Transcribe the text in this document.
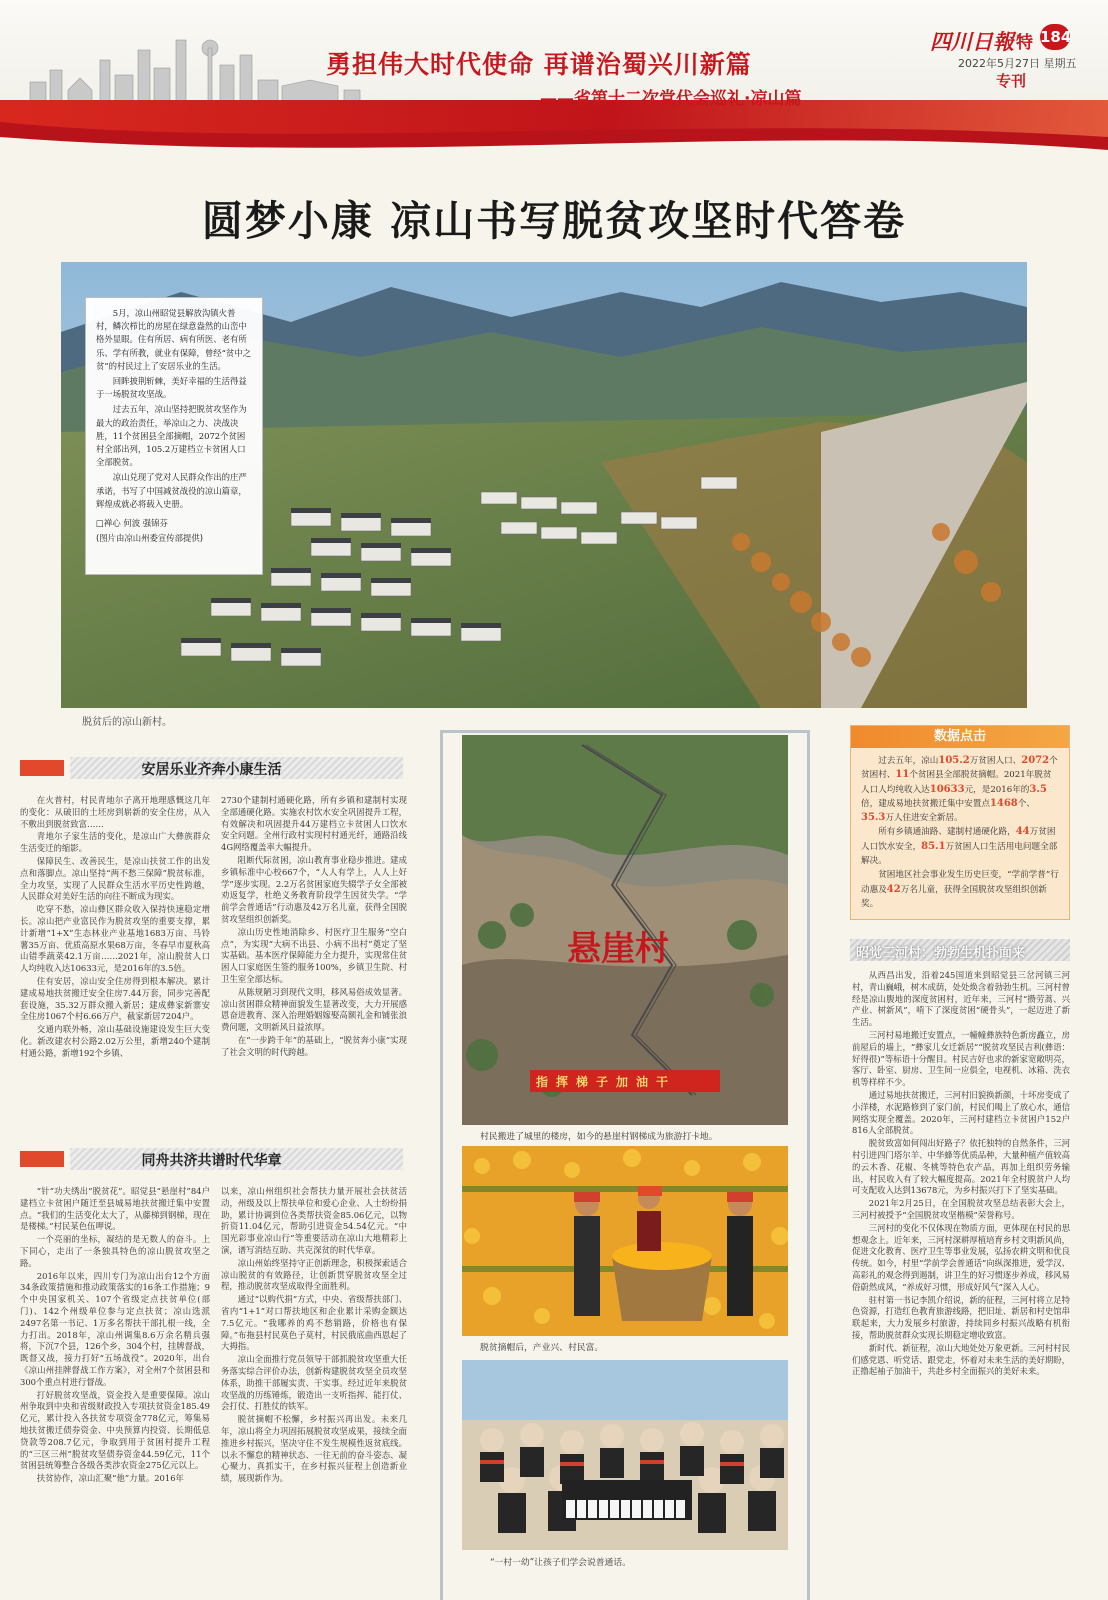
勇担伟大时代使命 再谱治蜀兴川新篇
——省第十二次党代会巡礼·凉山篇
四川日報 特 184
2022年5月27日 星期五
专刊
圆梦小康 凉山书写脱贫攻坚时代答卷
脱贫后的凉山新村。

5月，凉山州昭觉县解放沟镇火普村，鳞次栉比的房屋在绿意盎然的山峦中格外显眼。住有所居、病有所医、老有所乐、学有所教，就业有保障，曾经“贫中之贫”的村民过上了安居乐业的生活。

回眸披荆斩棘，美好幸福的生活得益于一场脱贫攻坚战。

过去五年，凉山坚持把脱贫攻坚作为最大的政治责任，举凉山之力、决战决胜，11个贫困县全部摘帽，2072个贫困村全部出列，105.2万建档立卡贫困人口全部脱贫。

凉山兑现了党对人民群众作出的庄严承诺，书写了中国减贫战役的凉山篇章，辉煌成就必将载入史册。

□禅心 何波 强锦芬

(图片由凉山州委宣传部提供)

安居乐业齐奔小康生活

在火普村，村民青地尔子离开地理感慨这几年的变化：从破旧的土坯房到崭新的安全住房，从入不敷出到脱贫致富……

青地尔子家生活的变化，是凉山广大彝族群众生活变迁的缩影。

保障民生、改善民生，是凉山扶贫工作的出发点和落脚点。凉山坚持“两不愁三保障”脱贫标准，全力攻坚，实现了人民群众生活水平历史性跨越，人民群众对美好生活的向往不断成为现实。

吃穿不愁，凉山彝区群众收入保持快速稳定增长。凉山把产业富民作为脱贫攻坚的重要支撑，累计新增“1+X”生态林业产业基地1683万亩、马铃薯35万亩、优质高原水果68万亩，冬春早市夏秋高山错季蔬菜42.1万亩……2021年，凉山脱贫人口人均纯收入达10633元，是2016年的3.5倍。

住有安居，凉山安全住房得到根本解决。累计建成易地扶贫搬迁安全住房7.44万套，同步完善配套设施，35.32万群众搬入新居；建成彝家新寨安全住房1067个村6.66万户，截家新居7204户。

交通内联外畅，凉山基础设施建设发生巨大变化。新改建农村公路2.02万公里，新增240个建制村通公路，新增192个乡镇、

2730个建制村通硬化路，所有乡镇和建制村实现全部通硬化路。实施农村饮水安全巩固提升工程，有效解决和巩固提升44万建档立卡贫困人口饮水安全问题。全州行政村实现村村通光纤，通路沿线4G网络覆盖率大幅提升。

阻断代际贫困，凉山教育事业稳步推进。建成乡镇标准中心校667个，“人人有学上，人人上好学”逐步实现。2.2万名贫困家庭失辍学子女全部被劝返复学，杜绝义务教育阶段学生因贫失学。“学前学会普通话”行动惠及42万名儿童，获得全国脱贫攻坚组织创新奖。

凉山历史性地消除乡、村医疗卫生服务“空白点”，为实现“大病不出县、小病不出村”奠定了坚实基础。基本医疗保障能力全力提升，实现常住贫困人口家庭医生签约服务100%，乡镇卫生院、村卫生室全部达标。

从陈规陋习到现代文明，移风易俗成效显著。凉山贫困群众精神面貌发生显著改变，大力开展感恩奋进教育、深入治理婚姻嫁娶高额礼金和铺张浪费问题，文明新风日益浓厚。

在“一步跨千年”的基础上，“脱贫奔小康”实现了社会文明的时代跨越。

同舟共济共谱时代华章

“针”功夫绣出“脱贫花”。昭觉县“悬崖村”84户建档立卡贫困户随迁至县城易地扶贫搬迁集中安置点。“我们的生活变化太大了，从藤梯到钢梯，现在是楼梯。”村民某色伍呷说。

一个亮丽的坐标，凝结的是无数人的奋斗。上下同心，走出了一条独具特色的凉山脱贫攻坚之路。

2016年以来，四川专门为凉山出台12个方面34条政策措施和推动政策落实的16条工作措施；9个中央国家机关、107个省级定点扶贫单位(部门)、142个州级单位参与定点扶贫；凉山选派2497名第一书记、1万多名帮扶干部扎根一线，全力打出。2018年，凉山州调集8.6万余名精兵强将，下沉7个县，126个乡，304个村，挂牌督战，既督又战，接力打好“五场战役”。2020年，出台《凉山州挂牌督战工作方案》，对全州7个贫困县和300个重点村进行督战。

打好脱贫攻坚战，资金投入是重要保障。凉山州争取到中央和省级财政投入专项扶贫资金185.49亿元，累计投入各扶贫专项资金778亿元，筹集易地扶贫搬迁债券资金、中央预算内投资、长期低息贷款等208.7亿元，争取到用于贫困村提升工程的“三区三州”脱贫攻坚债券资金44.59亿元，11个贫困县统筹整合各级各类涉农资金275亿元以上。

扶贫协作，凉山汇聚“他”力量。2016年

以来，凉山州组织社会帮扶力量开展社会扶贫活动，州级及以上帮扶单位和爱心企业、人士纷纷捐助，累计协调到位各类帮扶资金85.06亿元，以物折资11.04亿元，帮助引进资金54.54亿元。“中国光彩事业凉山行”等重要活动在凉山大地精彩上演，谱写消结互助、共克深贫的时代华章。

凉山州始终坚持守正创新理念，积极探索适合凉山脱贫的有效路径，让创新贯穿脱贫攻坚全过程，推动脱贫攻坚成取得全面胜利。

通过“以购代捐”方式，中央、省级帮扶部门、省内“1+1”对口帮扶地区和企业累计采购金额达7.5亿元。“我哪养的鸡不愁销路，价格也有保障。”布拖县村民莫色子莫村，村民俄底曲西恩起了大拇指。

凉山全面推行党员领导干部抓脱贫攻坚重大任务落实综合评价办法，创新构建脱贫攻坚全员攻坚体系，助推干部履实责、干实事。经过近年来脱贫攻坚战的历练锤炼，锻造出一支听指挥、能打仗、会打仗、打胜仗的铁军。

脱贫摘帽不松懈，乡村振兴再出发。未来几年，凉山将全力巩固拓展脱贫攻坚成果，接续全面推进乡村振兴，坚决守住不发生规模性返贫底线。以永不懈怠的精神状态、一往无前的奋斗姿态、凝心聚力、真抓实干，在乡村振兴征程上创造新业绩，展现新作为。

悬崖村
指挥梯子加油干
村民搬进了城里的楼房，如今的悬崖村钢梯成为旅游打卡地。
脱贫摘帽后，产业兴、村民富。
“一村一幼”让孩子们学会说普通话。
数据点击

过去五年，凉山105.2万贫困人口、2072个贫困村、11个贫困县全部脱贫摘帽。2021年脱贫人口人均纯收入达10633元，是2016年的3.5倍，建成易地扶贫搬迁集中安置点1468个、35.3万人住进安全新居。

所有乡镇通油路、建制村通硬化路，44万贫困人口饮水安全，85.1万贫困人口生活用电问题全部解决。

贫困地区社会事业发生历史巨变，“学前学普”行动惠及42万名儿童，获得全国脱贫攻坚组织创新奖。

昭觉三河村：勃勃生机扑面来

从西昌出发，沿着245国道来到昭觉县三岔河镇三河村，青山巍峨，树木成荫，处处焕含着勃勃生机。三河村曾经是凉山腹地的深度贫困村，近年来，三河村“攒劳蒿、兴产业、树新风”，啃下了深度贫困“硬骨头”，一起迈进了新生活。

三河村易地搬迁安置点，一幢幢彝族特色新房矗立，房前屋后的墙上，“彝家儿女迁新居”“脱贫攻坚民吉利(彝语：好得很)”等标语十分醒目。村民吉好也求的新家宽敞明亮，客厅、卧室、厨房、卫生间一应俱全，电视机、冰箱、洗衣机等样样不少。

通过易地扶贫搬迁，三河村旧貌换新颜，十坏房变成了小洋楼，水泥路修到了家门前，村民们喝上了放心水，通信网络实现全覆盖。2020年，三河村建档立卡贫困户152户816人全部脱贫。

脱贫致富如何闯出好路子？依托独特的自然条件，三河村引进四门塔尔羊、中华蜂等优质品种，大量种植产值较高的云木香、花椒、冬桃等特色农产品，再加上组织劳务输出，村民收入有了较大幅度提高。2021年全村脱贫户人均可支配收入达到13678元，为乡村振兴打下了坚实基础。

2021年2月25日，在全国脱贫攻坚总结表彰大会上，三河村被授予“全国脱贫攻坚楷模”荣誉称号。

三河村的变化不仅体现在物质方面，更体现在村民的思想观念上。近年来，三河村深耕厚植培育乡村文明新风尚，促进文化教育、医疗卫生等事业发展，弘扬农耕文明和优良传统。如今，村里“学前学会普通话”向纵深推进，爱学汉、高彩礼的观念得到遏制，讲卫生的好习惯逐步养成，移风易俗蔚然成风，“养成好习惯，形成好风气”深入人心。

驻村第一书记李凯介绍说，新的征程，三河村将立足特色资源，打造红色教育旅游线路，把旧址、新居和村史馆串联起来，大力发展乡村旅游，持续同乡村振兴战略有机衔接，帮助脱贫群众实现长期稳定增收致富。

新时代、新征程，凉山大地处处万象更新。三河村村民们感党恩、听党话、跟党走，怀着对未来生活的美好期盼，正撸起袖子加油干，共赴乡村全面振兴的美好未来。
